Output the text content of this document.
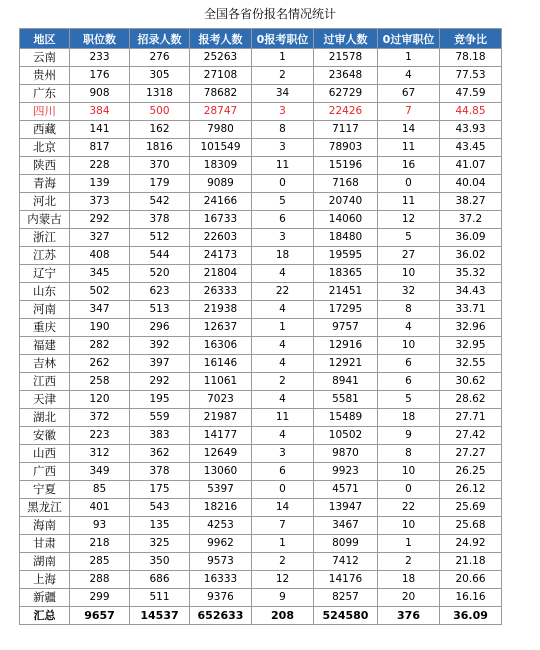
全国各省份报名情况统计
地区	职位数	招录人数	报考人数	0报考职位	过审人数	0过审职位	竞争比
云南	233	276	25263	1	21578	1	78.18
贵州	176	305	27108	2	23648	4	77.53
广东	908	1318	78682	34	62729	67	47.59
四川	384	500	28747	3	22426	7	44.85
西藏	141	162	7980	8	7117	14	43.93
北京	817	1816	101549	3	78903	11	43.45
陕西	228	370	18309	11	15196	16	41.07
青海	139	179	9089	0	7168	0	40.04
河北	373	542	24166	5	20740	11	38.27
内蒙古	292	378	16733	6	14060	12	37.2
浙江	327	512	22603	3	18480	5	36.09
江苏	408	544	24173	18	19595	27	36.02
辽宁	345	520	21804	4	18365	10	35.32
山东	502	623	26333	22	21451	32	34.43
河南	347	513	21938	4	17295	8	33.71
重庆	190	296	12637	1	9757	4	32.96
福建	282	392	16306	4	12916	10	32.95
吉林	262	397	16146	4	12921	6	32.55
江西	258	292	11061	2	8941	6	30.62
天津	120	195	7023	4	5581	5	28.62
湖北	372	559	21987	11	15489	18	27.71
安徽	223	383	14177	4	10502	9	27.42
山西	312	362	12649	3	9870	8	27.27
广西	349	378	13060	6	9923	10	26.25
宁夏	85	175	5397	0	4571	0	26.12
黑龙江	401	543	18216	14	13947	22	25.69
海南	93	135	4253	7	3467	10	25.68
甘肃	218	325	9962	1	8099	1	24.92
湖南	285	350	9573	2	7412	2	21.18
上海	288	686	16333	12	14176	18	20.66
新疆	299	511	9376	9	8257	20	16.16
汇总	9657	14537	652633	208	524580	376	36.09
